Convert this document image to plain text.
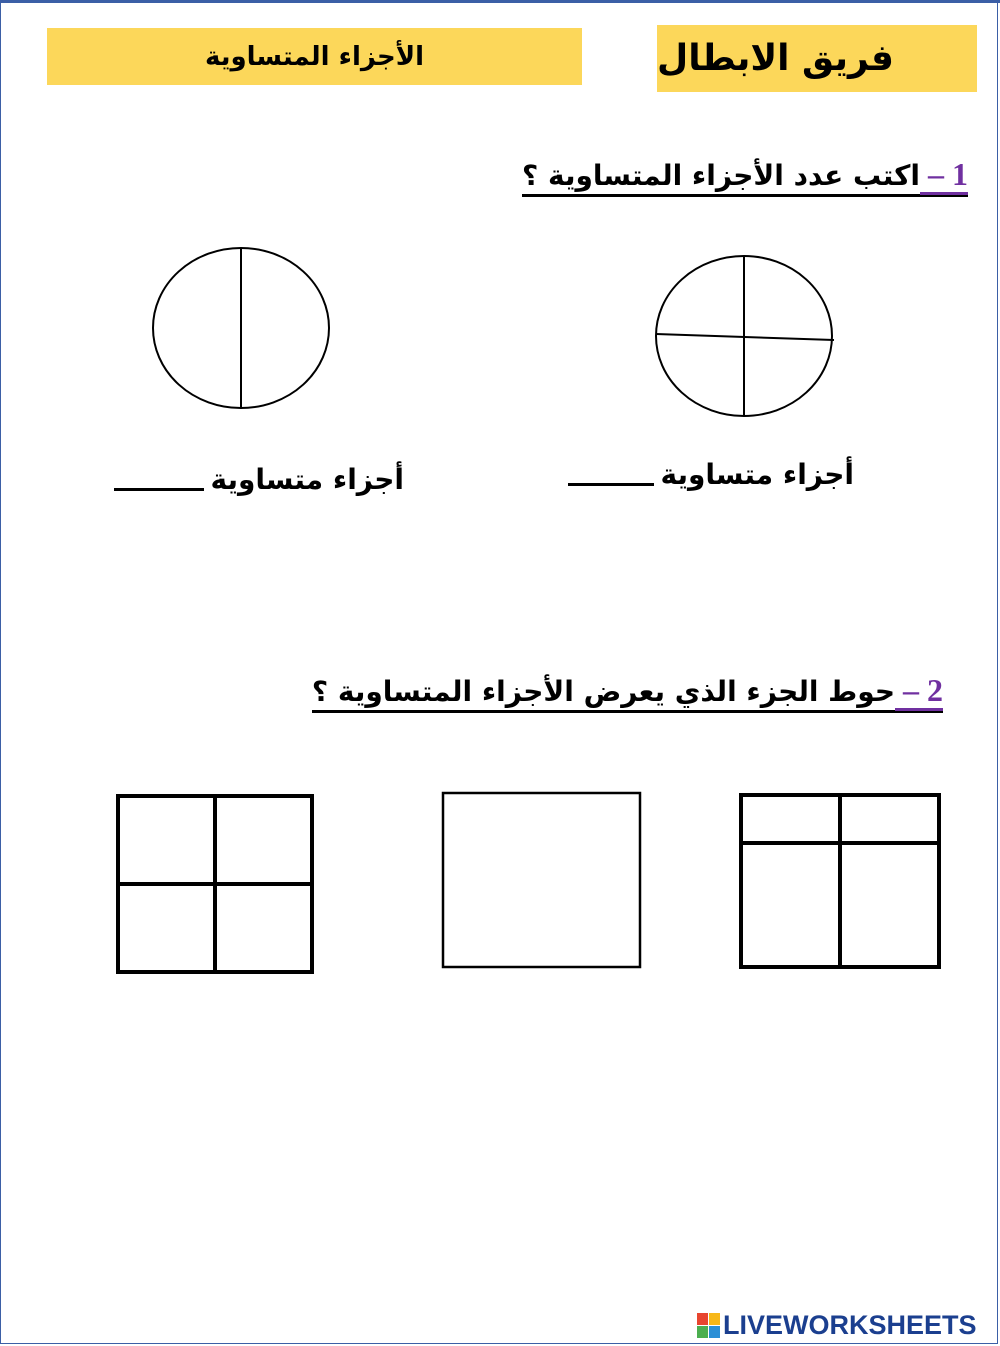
فريق الابطال
الأجزاء المتساوية
1 – اكتب عدد الأجزاء المتساوية ؟
أجزاء متساوية
أجزاء متساوية
2 – حوط الجزء الذي يعرض الأجزاء المتساوية ؟
LIVEWORKSHEETS
